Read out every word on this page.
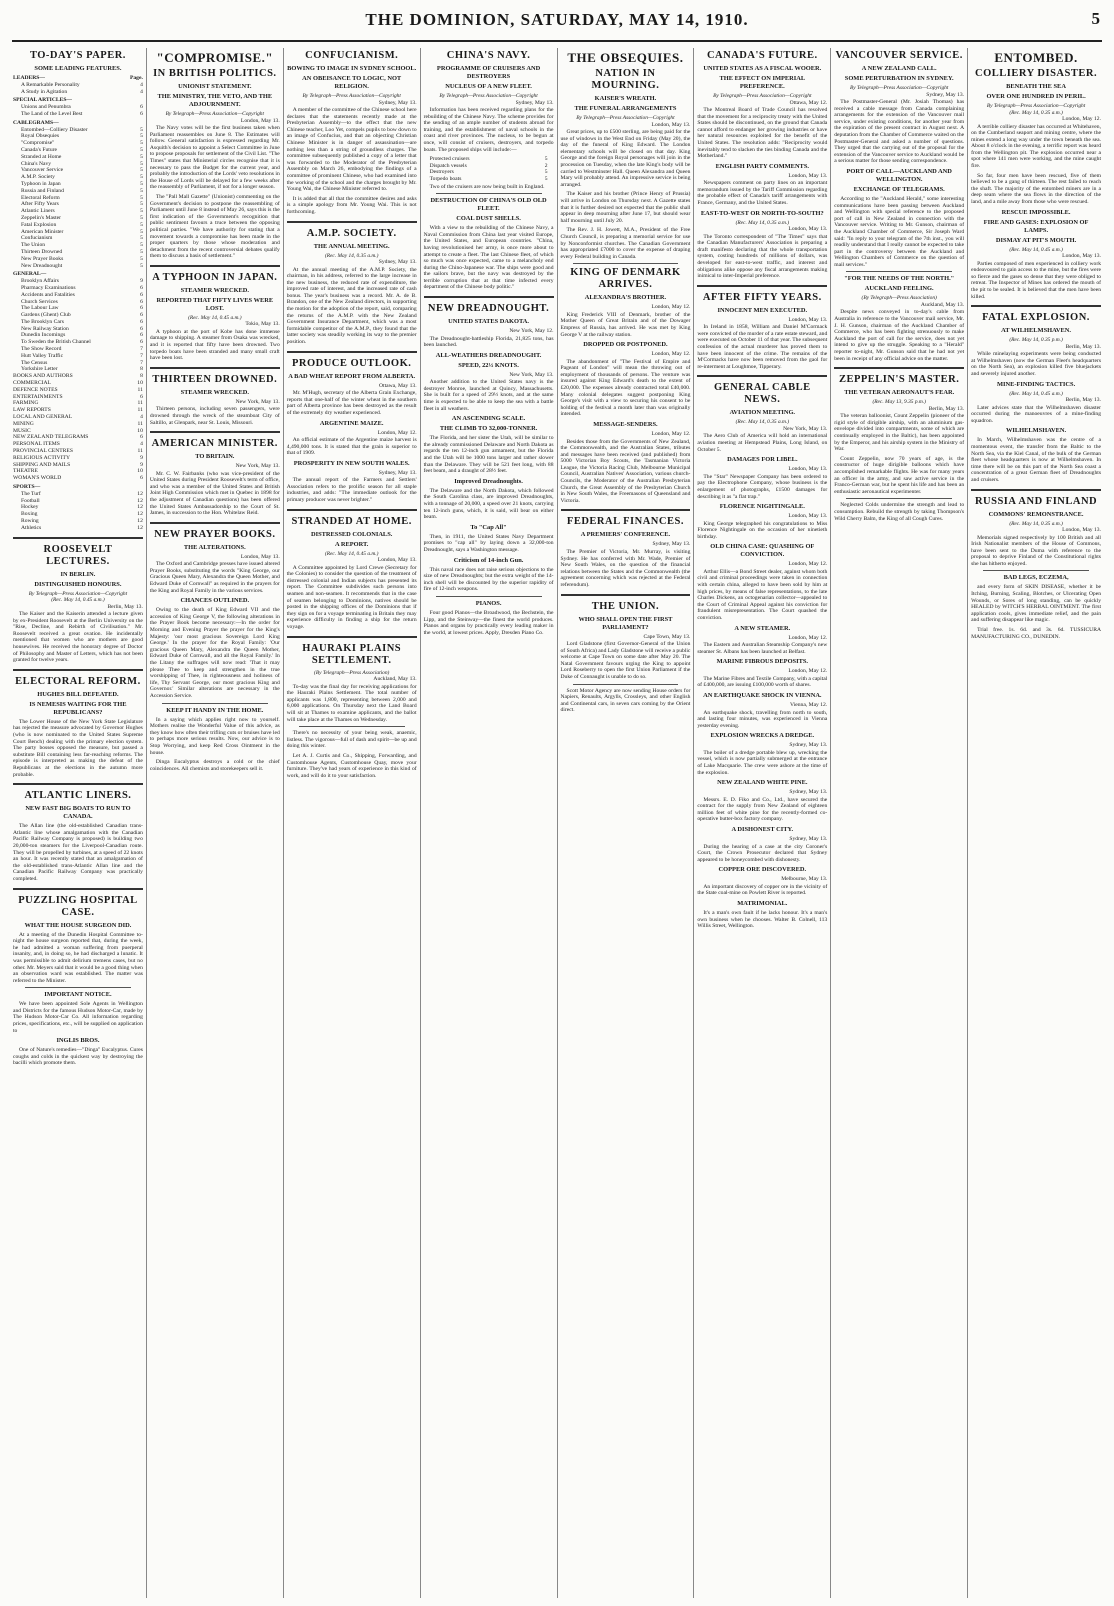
THE DOMINION, SATURDAY, MAY 14, 1910.	5
TO-DAY'S PAPER.
SOME LEADING FEATURES.
LEADERS—	Page.
A Remarkable Personality	4
A Study in Agitation	4
SPECIAL ARTICLES—
Unions and Penumbra	6
The Land of the Level Best	6
CABLEGRAMS—
Entombed—Colliery Disaster	5
Royal Obsequies	5
"Compromise"	5
Canada's Future	5
Stranded at Home	5
China's Navy	5
Vancouver Service	5
A.M.P. Society	5
Typhoon in Japan	5
Russia and Finland	5
Electoral Reform	5
After Fifty Years	5
Atlantic Liners	5
Zeppelin's Master	5
Fatal Explosion	5
American Minister	5
Confucianism	5
The Union	5
Thirteen Drowned	5
New Prayer Books	5
New Dreadnought	5
GENERAL—
Brooklyn Affairs	9
Pharmacy Examinations	6
Accidents and Fatalities	6
Church Services	6
The Labour Law	6
Gardens (Ghent) Club	6
The Brooklyn Cars	6
New Railway Station	6
Dunedin Incomings	6
To Sweden the British Channel	6
The Show Record	7
Hutt Valley Traffic	7
The Census	7
Yorkshire Letter	8
BOOKS AND AUTHORS	8
COMMERCIAL	10
DEFENCE NOTES	11
ENTERTAINMENTS	6
FARMING	11
LAW REPORTS	11
LOCAL AND GENERAL	4
MINING	11
MUSIC	10
NEW ZEALAND TELEGRAMS	6
PERSONAL ITEMS	4
PROVINCIAL CENTRES	11
RELIGIOUS ACTIVITY	9
SHIPPING AND MAILS	9
THEATRE	10
WOMAN'S WORLD	6
SPORTS—
The Turf	12
Football	12
Hockey	12
Boxing	12
Rowing	12
Athletics	12
ROOSEVELT LECTURES.
IN BERLIN.
DISTINGUISHED HONOURS.
By Telegraph—Press Association—Copyright
(Rec. May 14, 0.45 a.m.)
Berlin, May 13.
The Kaiser and the Kaiserin attended a lecture given by ex-President Roosevelt at the Berlin University on the "Rise, Decline, and Rebirth of Civilisation." Mr. Roosevelt received a great ovation. He incidentally mentioned that women who are mothers are good housewives. He received the honorary degree of Doctor of Philosophy and Master of Letters, which has not been granted for twelve years.
ELECTORAL REFORM.
HUGHES BILL DEFEATED.
IS NEMESIS WAITING FOR THE REPUBLICANS?
The Lower House of the New York State Legislature has rejected the measure advocated by Governor Hughes (who is now nominated to the United States Supreme Court Bench) dealing with the primary election system. The party bosses opposed the measure, but passed a substitute Bill containing less far-reaching reforms. The episode is interpreted as making the defeat of the Republicans at the elections in the autumn more probable.
ATLANTIC LINERS.
NEW FAST BIG BOATS TO RUN TO CANADA.
The Allan line (the old-established Canadian trans-Atlantic line whose amalgamation with the Canadian Pacific Railway Company is proposed) is building two 20,000-ton steamers for the Liverpool-Canadian route. They will be propelled by turbines, at a speed of 22 knots an hour. It was recently stated that an amalgamation of the old-established trans-Atlantic Allan line and the Canadian Pacific Railway Company was practically completed.
PUZZLING HOSPITAL CASE.
WHAT THE HOUSE SURGEON DID.
At a meeting of the Dunedin Hospital Committee to-night the house surgeon reported that, during the week, he had admitted a woman suffering from puerperal insanity, and, in doing so, he had discharged a lunatic. It was permissible to admit delirium tremens cases, but no other. Mr. Meyers said that it would be a good thing when an observation ward was established. The matter was referred to the Minister.
IMPORTANT NOTICE.
We have been appointed Sole Agents in Wellington and Districts for the famous Hudson Motor-Car, made by The Hudson Motor-Car Co. All information regarding prices, specifications, etc., will be supplied on application to
INGLIS BROS.
One of Nature's remedies—"Dinga" Eucalyptus. Cures coughs and colds in the quickest way by destroying the bacilli which promote them.
"COMPROMISE."
IN BRITISH POLITICS.
UNIONIST STATEMENT.
THE MINISTRY, THE VETO, AND THE ADJOURNMENT.
By Telegraph—Press Association—Copyright
London, May 13.
The Navy votes will be the first business taken when Parliament reassembles on June 8. The Estimates will follow. General satisfaction is expressed regarding Mr. Asquith's decision to appoint a Select Committee in June to propose proposals for settlement of the Civil List. "The Times" states that Ministerial circles recognise that it is necessary to pass the Budget for the current year, and probably the introduction of the Lords' veto resolutions in the House of Lords will be delayed for a few weeks after the reassembly of Parliament, if not for a longer season.
The "Pall Mall Gazette" (Unionist) commenting on the Government's decision to postpone the reassembling of Parliament until June 8 instead of May 26, says this is the first indication of the Government's recognition that public sentiment favours a truce between the opposing political parties. "We have authority for stating that a movement towards a compromise has been made in the proper quarters by those whose moderation and detachment from the recent controversial debates qualify them to discuss a basis of settlement."
A TYPHOON IN JAPAN.
STEAMER WRECKED.
REPORTED THAT FIFTY LIVES WERE LOST.
(Rec. May 14, 0.45 a.m.)
Tokio, May 13.
A typhoon at the port of Kobe has done immense damage to shipping. A steamer from Osaka was wrecked, and it is reported that fifty have been drowned. Two torpedo boats have been stranded and many small craft have been lost.
THIRTEEN DROWNED.
STEAMER WRECKED.
New York, May 13.
Thirteen persons, including seven passengers, were drowned through the wreck of the steamboat City of Saltillo, at Glenpark, near St. Louis, Missouri.
AMERICAN MINISTER.
TO BRITAIN.
New York, May 13.
Mr. C. W. Fairbanks (who was vice-president of the United States during President Roosevelt's term of office, and who was a member of the United States and British Joint High Commission which met in Quebec in 1898 for the adjustment of Canadian questions) has been offered the United States Ambassadorship to the Court of St. James, in succession to the Hon. Whitelaw Reid.
NEW PRAYER BOOKS.
THE ALTERATIONS.
London, May 13.
The Oxford and Cambridge presses have issued altered Prayer Books, substituting the words "King George, our Gracious Queen Mary, Alexandra the Queen Mother, and Edward Duke of Cornwall" as required in the prayers for the King and Royal Family in the various services.
CHANCES OUTLINED.
Owing to the death of King Edward VII and the accession of King George V, the following alterations in the Prayer Book become necessary:—In the order for Morning and Evening Prayer the prayer for the King's Majesty: 'our most gracious Sovereign Lord King George.' In the prayer for the Royal Family: 'Our gracious Queen Mary, Alexandra the Queen Mother, Edward Duke of Cornwall, and all the Royal Family.' In the Litany the suffrages will now read: 'That it may please Thee to keep and strengthen in the true worshipping of Thee, in righteousness and holiness of life, Thy Servant George, our most gracious King and Governor.' Similar alterations are necessary in the Accession Service.
KEEP IT HANDY IN THE HOME.
In a saying which applies right now to yourself. Mothers realise the Wonderful Value of this advice, as they know how often their trifling cuts or bruises have led to perhaps more serious results. Now, our advice is to Stop Worrying, and keep Red Cross Ointment in the house.
Dinga Eucalyptus destroys a cold or the chief coincidences. All chemists and storekeepers sell it.
CONFUCIANISM.
BOWING TO IMAGE IN SYDNEY SCHOOL.
AN OBEISANCE TO LOGIC, NOT RELIGION.
By Telegraph—Press Association—Copyright
Sydney, May 13.
A member of the committee of the Chinese school here declares that the statements recently made at the Presbyterian Assembly—to the effect that the new Chinese teacher, Loo Yet, compels pupils to bow down to an image of Confucius, and that an objecting Christian Chinese Minister is in danger of assassination—are nothing less than a string of groundless charges. The committee subsequently published a copy of a letter that was forwarded to the Moderator of the Presbyterian Assembly on March 26, embodying the findings of a committee of prominent Chinese, who had examined into the working of the school and the charges brought by Mr. Young Wai, the Chinese Minister referred to.
It is added that all that the committee desires and asks is a simple apology from Mr. Young Wai. This is not forthcoming.
A.M.P. SOCIETY.
THE ANNUAL MEETING.
(Rec. May 14, 0.35 a.m.)
Sydney, May 13.
At the annual meeting of the A.M.P. Society, the chairman, in his address, referred to the large increase in the new business, the reduced rate of expenditure, the improved rate of interest, and the increased rate of cash bonus. The year's business was a record. Mr. A. de B. Brandon, one of the New Zealand directors, in supporting the motion for the adoption of the report, said, comparing the returns of the A.M.P. with the New Zealand Government Insurance Department, which was a most formidable competitor of the A.M.P., they found that the latter society was steadily working its way to the premier position.
PRODUCE OUTLOOK.
A BAD WHEAT REPORT FROM ALBERTA.
Ottawa, May 13.
Mr. M'Hugh, secretary of the Alberta Grain Exchange, reports that one-half of the winter wheat in the southern part of Alberta province has been destroyed as the result of the extremely dry weather experienced.
ARGENTINE MAIZE.
London, May 12.
An official estimate of the Argentine maize harvest is 4,490,000 tons. It is stated that the grain is superior to that of 1909.
PROSPERITY IN NEW SOUTH WALES.
Sydney, May 13.
The annual report of the Farmers and Settlers' Association refers to the prolific season for all staple industries, and adds: "The immediate outlook for the primary producer was never brighter."
STRANDED AT HOME.
DISTRESSED COLONIALS.
A REPORT.
(Rec. May 14, 0.45 a.m.)
London, May 13.
A Committee appointed by Lord Crewe (Secretary for the Colonies) to consider the question of the treatment of distressed colonial and Indian subjects has presented its report. The Committee subdivides such persons into seamen and non-seamen. It recommends that in the case of seamen belonging to Dominions, natives should be posted in the shipping offices of the Dominions that if they sign on for a voyage terminating in Britain they may experience difficulty in finding a ship for the return voyage.
HAURAKI PLAINS SETTLEMENT.
(By Telegraph—Press Association)
Auckland, May 13.
To-day was the final day for receiving applications for the Hauraki Plains Settlement. The total number of applicants was 1,800, representing between 2,000 and 6,000 applications. On Thursday next the Land Board will sit at Thames to examine applicants, and the ballot will take place at the Thames on Wednesday.
There's no necessity of your being weak, anaemic, listless. The vigorous—full of dash and spirit—be up and doing this winter.
Let A. J. Curtis and Co., Shipping, Forwarding, and Customhouse Agents, Customhouse Quay, move your furniture. They've had years of experience in this kind of work, and will do it to your satisfaction.
CHINA'S NAVY.
PROGRAMME OF CRUISERS AND DESTROYERS
NUCLEUS OF A NEW FLEET.
By Telegraph—Press Association—Copyright
Sydney, May 13.
Information has been received regarding plans for the rebuilding of the Chinese Navy. The scheme provides for the sending of an ample number of students abroad for training, and the establishment of naval schools in the coast and river provinces. The nucleus, to be begun at once, will consist of cruisers, destroyers, and torpedo boats. The proposed ships will include:—
Protected cruisers	5
Dispatch vessels	2
Destroyers	5
Torpedo boats	5
Two of the cruisers are now being built in England.
DESTRUCTION OF CHINA'S OLD OLD FLEET.
COAL DUST SHELLS.
With a view to the rebuilding of the Chinese Navy, a Naval Commission from China last year visited Europe, the United States, and European countries. "China, having revolutionised her army, is once more about to attempt to create a fleet. The last Chinese fleet, of which so much was once expected, came to a melancholy end during the Chino-Japanese war. The ships were good and the sailors brave, but the navy was destroyed by the terrible corruption that at that time infected every department of the Chinese body politic."
NEW DREADNOUGHT.
UNITED STATES DAKOTA.
New York, May 12.
The Dreadnought-battleship Florida, 21,825 tons, has been launched.
ALL-WEATHERS DREADNOUGHT.
SPEED, 22½ KNOTS.
New York, May 13.
Another addition to the United States navy is the destroyer Monroe, launched at Quincy, Massachusetts. She is built for a speed of 29½ knots, and at the same time is expected to be able to keep the sea with a battle fleet in all weathers.
AN ASCENDING SCALE.
THE CLIMB TO 32,000-TONNER.
The Florida, and her sister the Utah, will be similar to the already commissioned Delaware and North Dakota as regards the ten 12-inch gun armament, but the Florida and the Utah will be 1000 tons larger and rather slower than the Delaware. They will be 521 feet long, with 88 feet beam, and a draught of 28½ feet.
Improved Dreadnoughts.
The Delaware and the North Dakota, which followed the South Carolina class, are improved Dreadnoughts, with a tonnage of 20,000, a speed over 21 knots, carrying ten 12-inch guns, which, it is said, will bear on either beam.
To "Cap All"
Then, in 1911, the United States Navy Department promises to "cap all" by laying down a 32,000-ton Dreadnought, says a Washington message.
Criticism of 14-inch Gun.
This naval race does not raise serious objections to the size of new Dreadnoughts; but the extra weight of the 14-inch shell will be discounted by the superior rapidity of fire of 12-inch weapons.
PIANOS.
Four good Pianos—the Broadwood, the Bechstein, the Lipp, and the Steinway—the finest the world produces. Pianos and organs by practically every leading maker in the world, at lowest prices. Apply, Dresden Piano Co.
THE OBSEQUIES.
NATION IN MOURNING.
KAISER'S WREATH.
THE FUNERAL ARRANGEMENTS
By Telegraph—Press Association—Copyright
London, May 13.
Great prices, up to £500 sterling, are being paid for the use of windows in the West End on Friday (May 20), the day of the funeral of King Edward. The London elementary schools will be closed on that day. King George and the foreign Royal personages will join in the procession on Tuesday, when the late King's body will be carried to Westminster Hall. Queen Alexandra and Queen Mary will probably attend. An impressive service is being arranged.
The Kaiser and his brother (Prince Henry of Prussia) will arrive in London on Thursday next. A Gazette states that it is further desired not expected that the public shall appear in deep mourning after June 17, but should wear half mourning until July 20.
The Rev. J. H. Jowett, M.A., President of the Free Church Council, is preparing a memorial service for use by Nonconformist churches. The Canadian Government has appropriated £7000 to cover the expense of draping every Federal building in Canada.
KING OF DENMARK ARRIVES.
ALEXANDRA'S BROTHER.
London, May 12.
King Frederick VIII of Denmark, brother of the Mother Queen of Great Britain and of the Dowager Empress of Russia, has arrived. He was met by King George V at the railway station.
DROPPED OR POSTPONED.
London, May 12.
The abandonment of "The Festival of Empire and Pageant of London" will mean the throwing out of employment of thousands of persons. The venture was insured against King Edward's death to the extent of £20,000. The expenses already contracted total £40,000. Many colonial delegates suggest postponing King George's visit with a view to securing his consent to be holding of the festival a month later than was originally intended.
MESSAGE-SENDERS.
London, May 12.
Besides those from the Governments of New Zealand, the Commonwealth, and the Australian States, tributes and messages have been received (and published) from 5000 Victorian Boy Scouts, the Tasmanian Victoria League, the Victoria Racing Club, Melbourne Municipal Council, Australian Natives' Association, various church-Councils, the Moderator of the Australian Presbyterian Church, the Great Assembly of the Presbyterian Church in New South Wales, the Freemasons of Queensland and Victoria.
FEDERAL FINANCES.
A PREMIERS' CONFERENCE.
Sydney, May 13.
The Premier of Victoria, Mr. Murray, is visiting Sydney. He has conferred with Mr. Wade, Premier of New South Wales, on the question of the financial relations between the States and the Commonwealth (the agreement concerning which was rejected at the Federal referendum).
THE UNION.
WHO SHALL OPEN THE FIRST PARLIAMENT?
Cape Town, May 13.
Lord Gladstone (first Governor-General of the Union of South Africa) and Lady Gladstone will receive a public welcome at Cape Town on some date after May 20. The Natal Government favours urging the King to appoint Lord Roseberry to open the first Union Parliament if the Duke of Connaught is unable to do so.
Scott Motor Agency are now sending House orders for Napiers, Renaults, Argylls, Crossleys, and other English and Continental cars, in seven cars coming by the Orient direct.
CANADA'S FUTURE.
UNITED STATES AS A FISCAL WOOER.
THE EFFECT ON IMPERIAL PREFERENCE.
By Telegraph—Press Association—Copyright
Ottawa, May 12.
The Montreal Board of Trade Council has resolved that the movement for a reciprocity treaty with the United States should be discontinued, on the ground that Canada cannot afford to endanger her growing industries or have her natural resources exploited for the benefit of the United States. The resolution adds: "Reciprocity would inevitably tend to slacken the ties binding Canada and the Motherland."
ENGLISH PARTY COMMENTS.
London, May 13.
Newspapers comment on party lines on an important memorandum issued by the Tariff Commission regarding the probable effect of Canada's tariff arrangements with France, Germany, and the United States.
EAST-TO-WEST OR NORTH-TO-SOUTH?
(Rec. May 14, 0.35 a.m.)
London, May 13.
The Toronto correspondent of "The Times" says that the Canadian Manufacturers' Association is preparing a draft manifesto declaring that the whole transportation system, costing hundreds of millions of dollars, was developed for east-to-west traffic, and interest and obligations alike oppose any fiscal arrangements making inimical to inter-Imperial preference.
AFTER FIFTY YEARS.
INNOCENT MEN EXECUTED.
London, May 13.
In Ireland in 1858, William and Daniel M'Cormack were convicted of the murder of a rate estate steward, and were executed on October 11 of that year. The subsequent confession of the actual murderer has proved them to have been innocent of the crime. The remains of the M'Cormacks have now been removed from the gaol for re-interment at Loughmoe, Tipperary.
GENERAL CABLE NEWS.
AVIATION MEETING.
(Rec. May 14, 0.35 a.m.)
New York, May 13.
The Aero Club of America will hold an international aviation meeting at Hempstead Plains, Long Island, on October 5.
DAMAGES FOR LIBEL.
London, May 13.
The "Star" Newspaper Company has been ordered to pay the Electrophone Company, whose business is the enlargement of photographs, £1500 damages for describing it as "a flat trap."
FLORENCE NIGHTINGALE.
London, May 13.
King George telegraphed his congratulations to Miss Florence Nightingale on the occasion of her ninetieth birthday.
OLD CHINA CASE: QUASHING OF CONVICTION.
London, May 12.
Arthur Ellis—a Bond Street dealer, against whom both civil and criminal proceedings were taken in connection with certain china, alleged to have been sold by him at high prices, by means of false representations, to the late Charles Dickens, an octogenarian collector—appealed to the Court of Criminal Appeal against his conviction for fraudulent misrepresentation. The Court quashed the conviction.
A NEW STEAMER.
London, May 12.
The Eastern and Australian Steamship Company's new steamer St. Albans has been launched at Belfast.
MARINE FIBROUS DEPOSITS.
London, May 12.
The Marine Fibres and Textile Company, with a capital of £400,000, are issuing £100,000 worth of shares.
AN EARTHQUAKE SHOCK IN VIENNA.
Vienna, May 12.
An earthquake shock, travelling from north to south, and lasting four minutes, was experienced in Vienna yesterday evening.
EXPLOSION WRECKS A DREDGE.
Sydney, May 13.
The boiler of a dredge portable blew up, wrecking the vessel, which is now partially submerged at the entrance of Lake Macquarie. The crew were ashore at the time of the explosion.
NEW ZEALAND WHITE PINE.
Sydney, May 13.
Messrs. E. D. Fiko and Co., Ltd., have secured the contract for the supply from New Zealand of eighteen million feet of white pine for the recently-formed co-operative butter-box factory company.
A DISHONEST CITY.
Sydney, May 13.
During the hearing of a case at the city Coroner's Court, the Crown Prosecutor declared that Sydney appeared to be honeycombed with dishonesty.
COPPER ORE DISCOVERED.
Melbourne, May 13.
An important discovery of copper ore in the vicinity of the State coal-mine on Powlett River is reported.
MATRIMONIAL.
It's a man's own fault if he lacks honour. It's a man's own business when he chooses. Walter B. Colnell, 113 Willis Street, Wellington.
VANCOUVER SERVICE.
A NEW ZEALAND CALL.
SOME PERTURBATION IN SYDNEY.
By Telegraph—Press Association—Copyright
Sydney, May 13.
The Postmaster-General (Mr. Josiah Thomas) has received a cable message from Canada complaining arrangements for the extension of the Vancouver mail service, under existing conditions, for another year from the expiration of the present contract in August next. A deputation from the Chamber of Commerce waited on the Postmaster-General and asked a number of questions. They urged that the carrying out of the proposal for the extension of the Vancouver service to Auckland would be a serious matter for those sending correspondence.
PORT OF CALL—AUCKLAND AND WELLINGTON.
EXCHANGE OF TELEGRAMS.
According to the "Auckland Herald," some interesting communications have been passing between Auckland and Wellington with special reference to the proposed port of call in New Zealand in connection with the Vancouver service. Writing to Mr. Gunson, chairman of the Auckland Chamber of Commerce, Sir Joseph Ward said: "In reply to your telegram of the 7th inst., you will readily understand that I really cannot be expected to take part in the controversy between the Auckland and Wellington Chambers of Commerce on the question of mail services."
"FOR THE NEEDS OF THE NORTH."
AUCKLAND FEELING.
(By Telegraph—Press Association)
Auckland, May 13.
Despite news conveyed in to-day's cable from Australia in reference to the Vancouver mail service, Mr. J. H. Gunson, chairman of the Auckland Chamber of Commerce, who has been fighting strenuously to make Auckland the port of call for the service, does not yet intend to give up the struggle. Speaking to a "Herald" reporter to-night, Mr. Gunson said that he had not yet been in receipt of any official advice on the matter.
ZEPPELIN'S MASTER.
THE VETERAN AERONAUT'S FEAR.
(Rec. May 13, 9.35 p.m.)
Berlin, May 13.
The veteran balloonist, Count Zeppelin (pioneer of the rigid style of dirigible airship, with an aluminium gas-envelope divided into compartments, some of which are continually employed in the Baltic), has been appointed by the Emperor, and his airship system in the Ministry of War.
Count Zeppelin, now 70 years of age, is the constructor of huge dirigible balloons which have accomplished remarkable flights. He was for many years an officer in the army, and saw active service in the Franco-German war, but he spent his life and has been an enthusiastic aeronautical experimenter.
Neglected Colds undermine the strength and lead to consumption. Rebuild the strength by taking Thompson's Wild Cherry Balm, the King of all Cough Cures.
ENTOMBED.
COLLIERY DISASTER.
BENEATH THE SEA
OVER ONE HUNDRED IN PERIL.
By Telegraph—Press Association—Copyright
(Rec. May 14, 0.35 a.m.)
London, May 12.
A terrible colliery disaster has occurred at Whitehaven, on the Cumberland seaport and mining centre, where the mines extend a long way under the town beneath the sea. About 8 o'clock in the evening, a terrific report was heard from the Wellington pit. The explosion occurred near a spot where 141 men were working, and the mine caught fire.
So far, four men have been rescued, five of them believed to be a gang of thirteen. The rest failed to reach the shaft. The majority of the entombed miners are in a deep seam where the sea flows in the direction of the land, and a mile away from those who were rescued.
RESCUE IMPOSSIBLE.
FIRE AND GASES: EXPLOSION OF LAMPS.
DISMAY AT PIT'S MOUTH.
(Rec. May 14, 0.45 a.m.)
London, May 13.
Parties composed of men experienced in colliery work endeavoured to gain access to the mine, but the fires were so fierce and the gases so dense that they were obliged to retreat. The Inspector of Mines has ordered the mouth of the pit to be sealed. It is believed that the men have been killed.
FATAL EXPLOSION.
AT WILHELMSHAVEN.
(Rec. May 14, 0.35 p.m.)
Berlin, May 13.
While minelaying experiments were being conducted at Wilhelmshaven (now the German Fleet's headquarters on the North Sea), an explosion killed five bluejackets and severely injured another.
MINE-FINDING TACTICS.
(Rec. May 14, 0.45 a.m.)
Berlin, May 13.
Later advices state that the Wilhelmshaven disaster occurred during the manoeuvres of a mine-finding squadron.
WILHELMSHAVEN.
In March, Wilhelmshaven was the centre of a momentous event, the transfer from the Baltic to the North Sea, via the Kiel Canal, of the bulk of the German fleet whose headquarters is now at Wilhelmshaven. In time there will be on this part of the North Sea coast a concentration of a great German fleet of Dreadnoughts and cruisers.
RUSSIA AND FINLAND
COMMONS' REMONSTRANCE.
(Rec. May 14, 0.35 a.m.)
London, May 13.
Memorials signed respectively by 100 British and all Irish Nationalist members of the House of Commons, have been sent to the Duma with reference to the proposal to deprive Finland of the Constitutional rights she has hitherto enjoyed.
BAD LEGS, ECZEMA,
and every form of SKIN DISEASE, whether it be Itching, Burning, Scaling, Blotches, or Ulcerating Open Wounds, or Sores of long standing, can be quickly HEALED by WITCH'S HERBAL OINTMENT. The first application cools, gives immediate relief, and the pain and suffering disappear like magic.
Trial free. 1s. 6d. and 3s. 6d. TUSSICURA MANUFACTURING CO., DUNEDIN.
